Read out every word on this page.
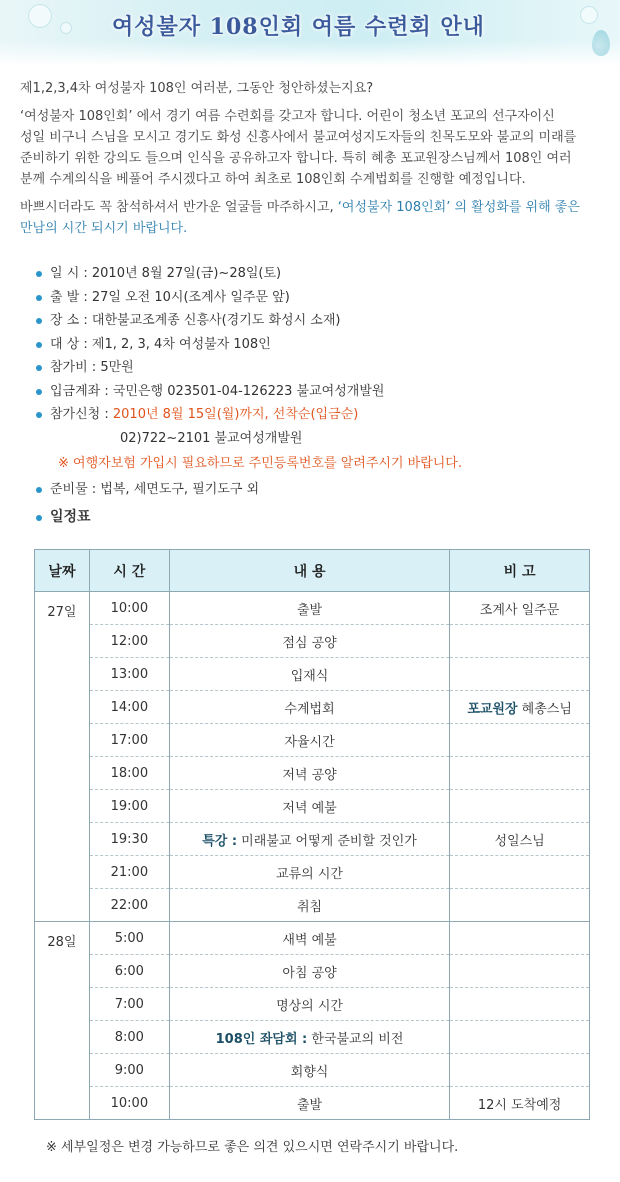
여성불자 108인회 여름 수련회 안내

제1,2,3,4차 여성불자 108인 여러분, 그동안 청안하셨는지요?

‘여성불자 108인회’ 에서 경기 여름 수련회를 갖고자 합니다. 어린이 청소년 포교의 선구자이신
성일 비구니 스님을 모시고 경기도 화성 신흥사에서 불교여성지도자들의 친목도모와 불교의 미래를
준비하기 위한 강의도 들으며 인식을 공유하고자 합니다. 특히 혜총 포교원장스님께서 108인 여러
분께 수계의식을 베풀어 주시겠다고 하여 최초로 108인회 수계법회를 진행할 예정입니다.

바쁘시더라도 꼭 참석하셔서 반가운 얼굴들 마주하시고, ‘여성불자 108인회’ 의 활성화를 위해 좋은
만남의 시간 되시기 바랍니다.

일 시 : 2010년 8월 27일(금)~28일(토)
출 발 : 27일 오전 10시(조계사 일주문 앞)
장 소 : 대한불교조계종 신흥사(경기도 화성시 소재)
대 상 : 제1, 2, 3, 4차 여성불자 108인
참가비 : 5만원
입금계좌 : 국민은행 023501-04-126223 불교여성개발원
참가신청 : 2010년 8월 15일(월)까지, 선착순(입금순)
02)722~2101 불교여성개발원
※ 여행자보험 가입시 필요하므로 주민등록번호를 알려주시기 바랍니다.
준비물 : 법복, 세면도구, 필기도구 외
일정표
날짜	시 간	내 용	비 고
27일	10:00	출발	조계사 일주문
	12:00	점심 공양	
	13:00	입재식	
	14:00	수계법회	포교원장 혜총스님
	17:00	자율시간	
	18:00	저녁 공양	
	19:00	저녁 예불	
	19:30	특강 : 미래불교 어떻게 준비할 것인가	성일스님
	21:00	교류의 시간	
	22:00	취침	
28일	5:00	새벽 예불	
	6:00	아침 공양	
	7:00	명상의 시간	
	8:00	108인 좌담회 : 한국불교의 비전	
	9:00	회향식	
	10:00	출발	12시 도착예정
※ 세부일정은 변경 가능하므로 좋은 의견 있으시면 연락주시기 바랍니다.
